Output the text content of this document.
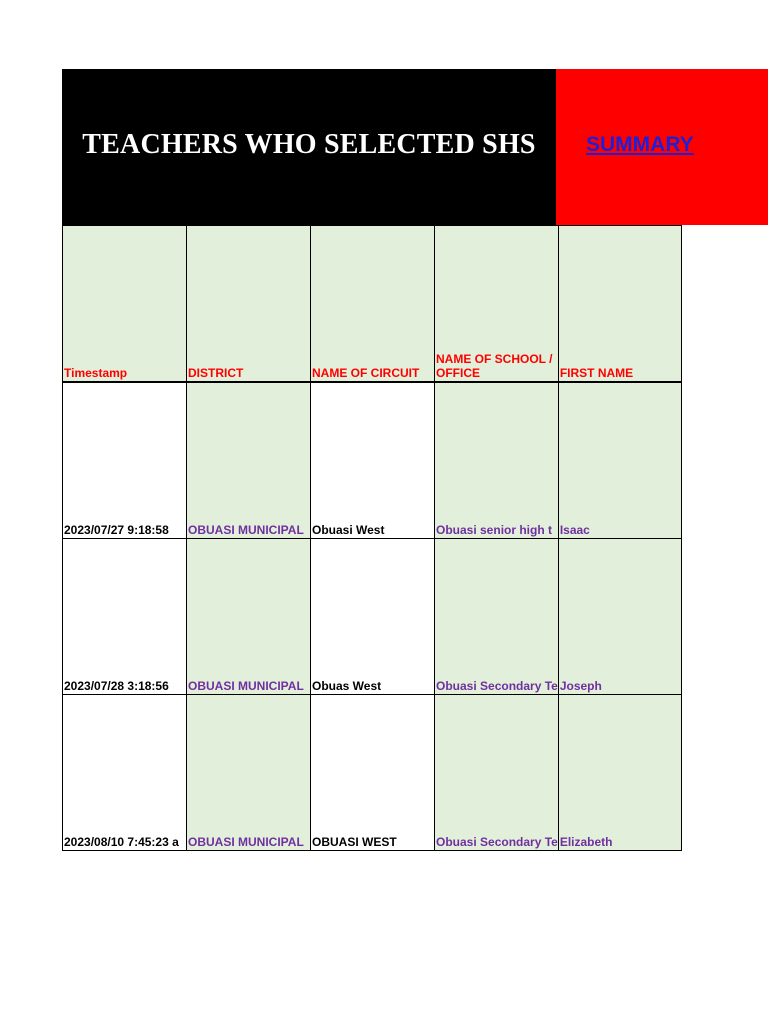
TEACHERS WHO SELECTED SHS SUMMARY
Timestamp	DISTRICT	NAME OF CIRCUIT	NAME OF SCHOOL / OFFICE	FIRST NAME
2023/07/27 9:18:58	OBUASI MUNICIPAL	Obuasi West	Obuasi senior high t	Isaac
2023/07/28 3:18:56	OBUASI MUNICIPAL	Obuas West	Obuasi Secondary Te	Joseph
2023/08/10 7:45:23 a	OBUASI MUNICIPAL	OBUASI WEST	Obuasi Secondary Te	Elizabeth
